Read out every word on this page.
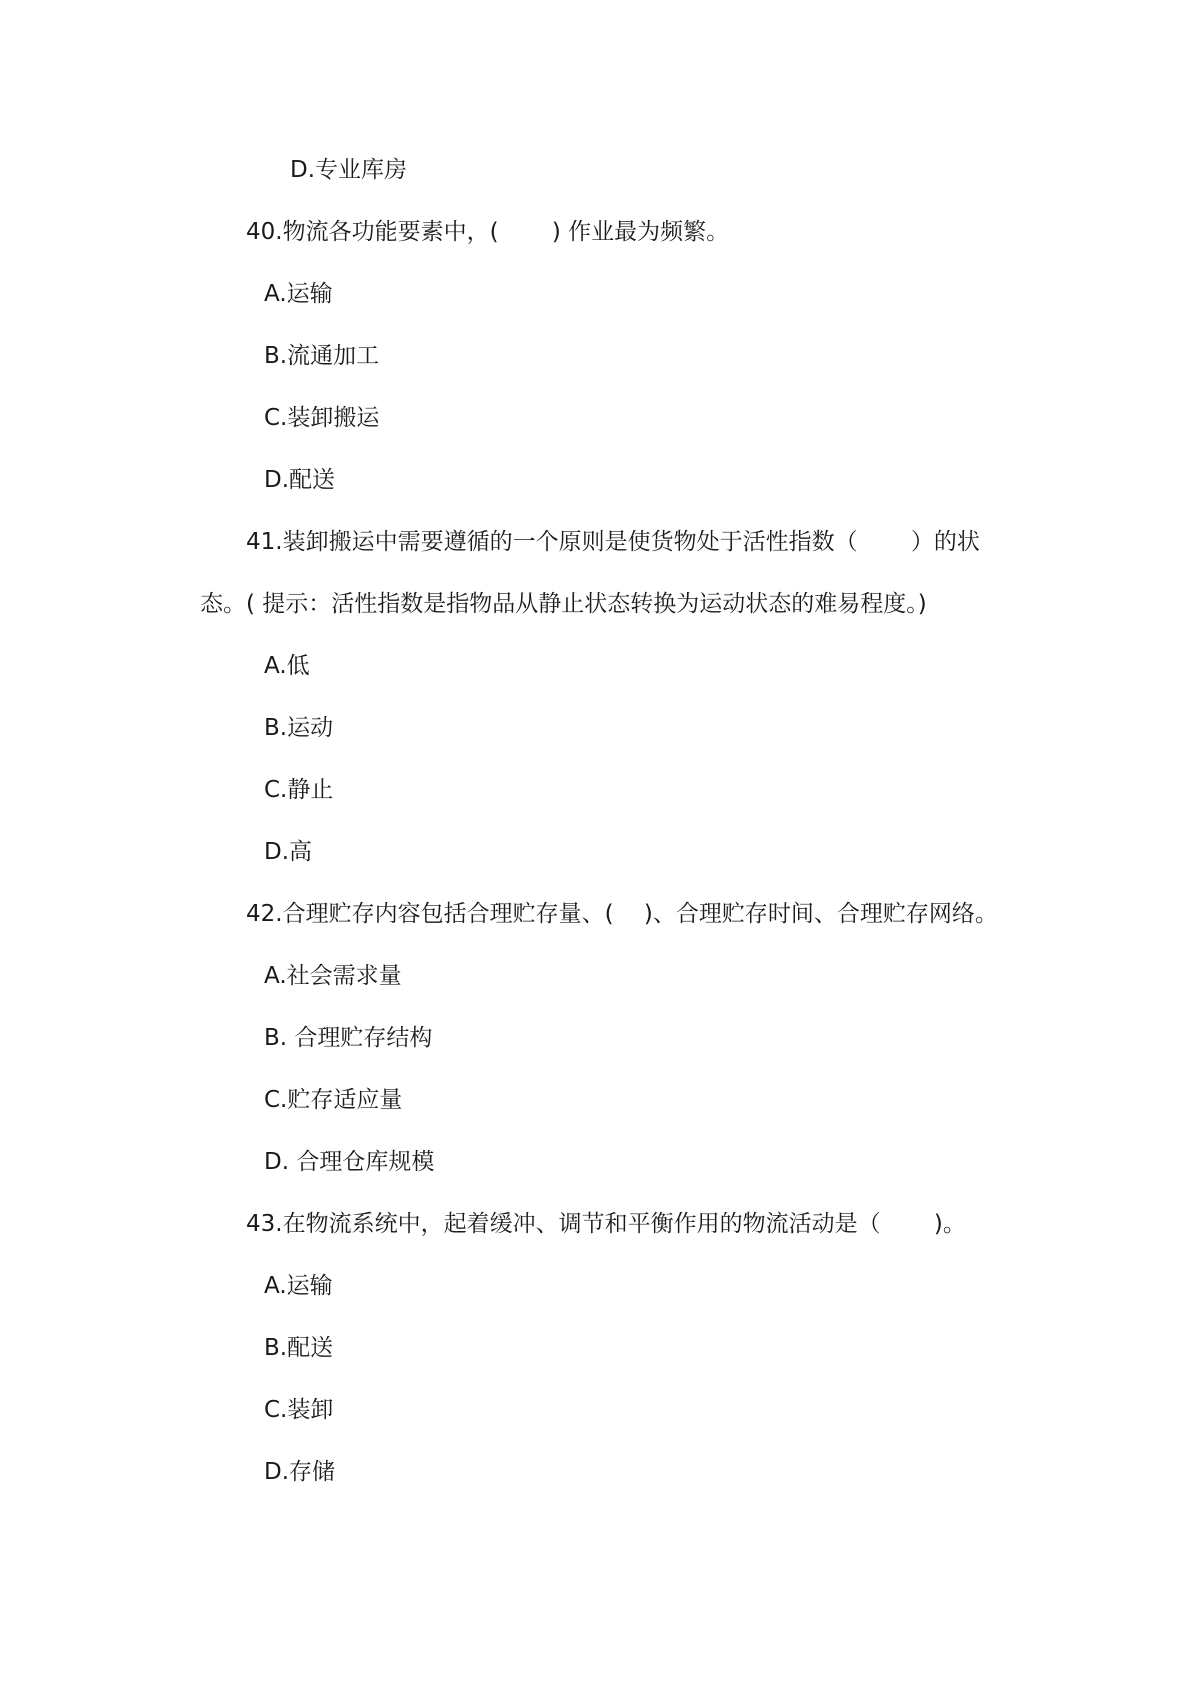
D.专业库房
40.物流各功能要素中，(　　 ) 作业最为频繁。
A.运输
B.流通加工
C.装卸搬运
D.配送
41.装卸搬运中需要遵循的一个原则是使货物处于活性指数（　　 ）的状
态。( 提示：活性指数是指物品从静止状态转换为运动状态的难易程度。)
A.低
B.运动
C.静止
D.高
42.合理贮存内容包括合理贮存量、(　 )、合理贮存时间、合理贮存网络。
A.社会需求量
B. 合理贮存结构
C.贮存适应量
D. 合理仓库规模
43.在物流系统中，起着缓冲、调节和平衡作用的物流活动是（　　 )。
A.运输
B.配送
C.装卸
D.存储
